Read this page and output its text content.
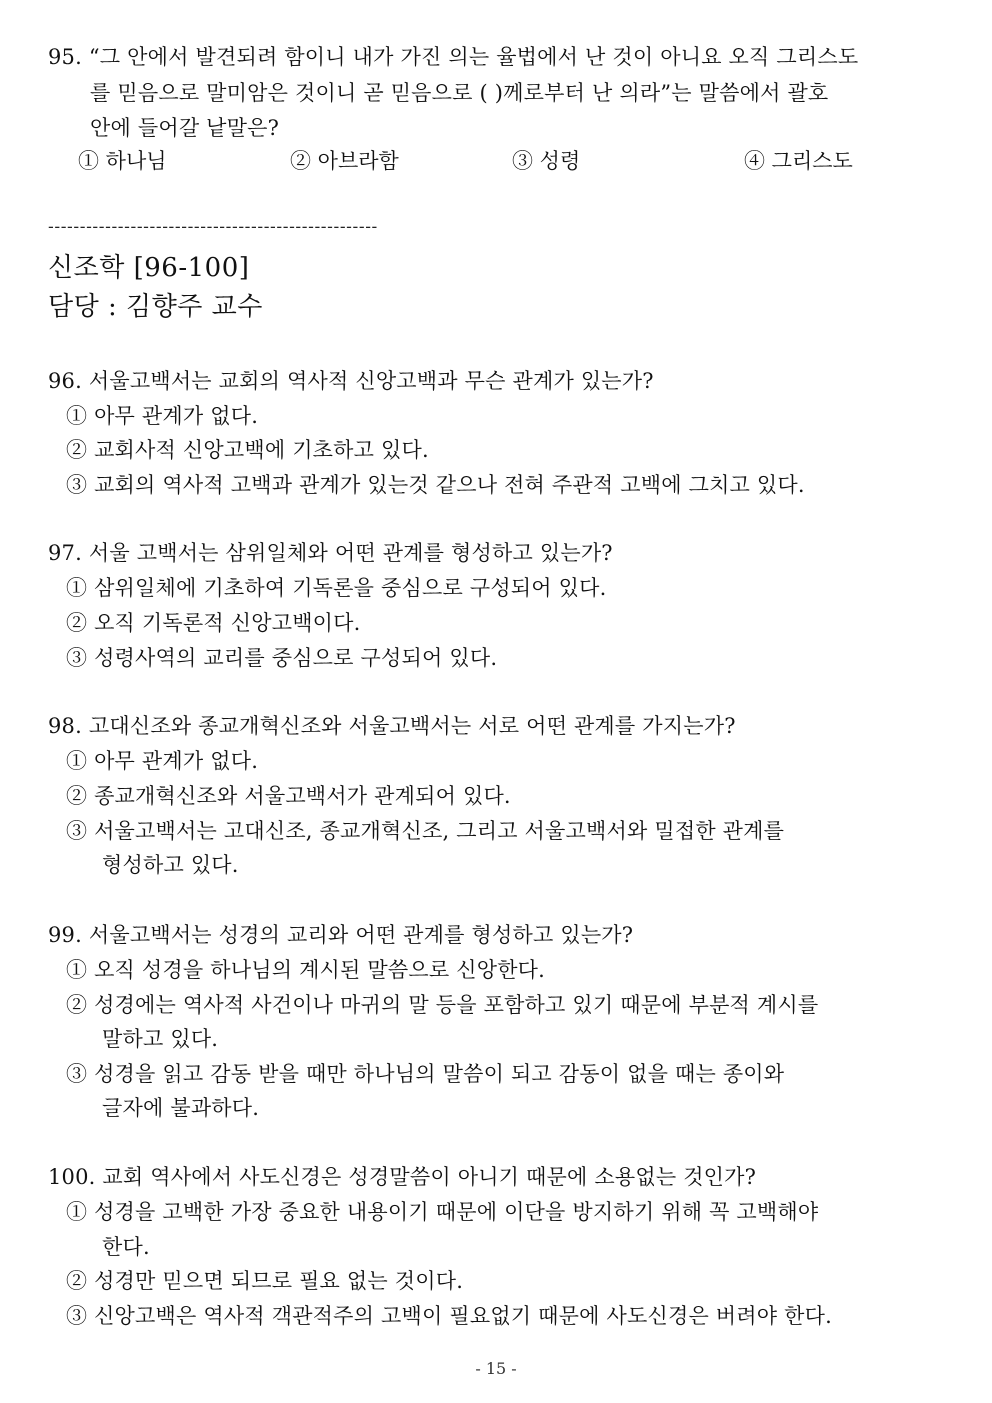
95. “그 안에서 발견되려 함이니 내가 가진 의는 율법에서 난 것이 아니요 오직 그리스도
를 믿음으로 말미암은 것이니 곧 믿음으로 ( )께로부터 난 의라”는 말씀에서 괄호
안에 들어갈 낱말은?
① 하나님	② 아브라함	③ 성령	④ 그리스도
----------------------------------------------------
신조학 [96-100]
담당 : 김향주 교수
96. 서울고백서는 교회의 역사적 신앙고백과 무슨 관계가 있는가?
① 아무 관계가 없다.
② 교회사적 신앙고백에 기초하고 있다.
③ 교회의 역사적 고백과 관계가 있는것 같으나 전혀 주관적 고백에 그치고 있다.
97. 서울 고백서는 삼위일체와 어떤 관계를 형성하고 있는가?
① 삼위일체에 기초하여 기독론을 중심으로 구성되어 있다.
② 오직 기독론적 신앙고백이다.
③ 성령사역의 교리를 중심으로 구성되어 있다.
98. 고대신조와 종교개혁신조와 서울고백서는 서로 어떤 관계를 가지는가?
① 아무 관계가 없다.
② 종교개혁신조와 서울고백서가 관계되어 있다.
③ 서울고백서는 고대신조, 종교개혁신조, 그리고 서울고백서와 밀접한 관계를
형성하고 있다.
99. 서울고백서는 성경의 교리와 어떤 관계를 형성하고 있는가?
① 오직 성경을 하나님의 계시된 말씀으로 신앙한다.
② 성경에는 역사적 사건이나 마귀의 말 등을 포함하고 있기 때문에 부분적 계시를
말하고 있다.
③ 성경을 읽고 감동 받을 때만 하나님의 말씀이 되고 감동이 없을 때는 종이와
글자에 불과하다.
100. 교회 역사에서 사도신경은 성경말씀이 아니기 때문에 소용없는 것인가?
① 성경을 고백한 가장 중요한 내용이기 때문에 이단을 방지하기 위해 꼭 고백해야
한다.
② 성경만 믿으면 되므로 필요 없는 것이다.
③ 신앙고백은 역사적 객관적주의 고백이 필요없기 때문에 사도신경은 버려야 한다.
- 15 -
